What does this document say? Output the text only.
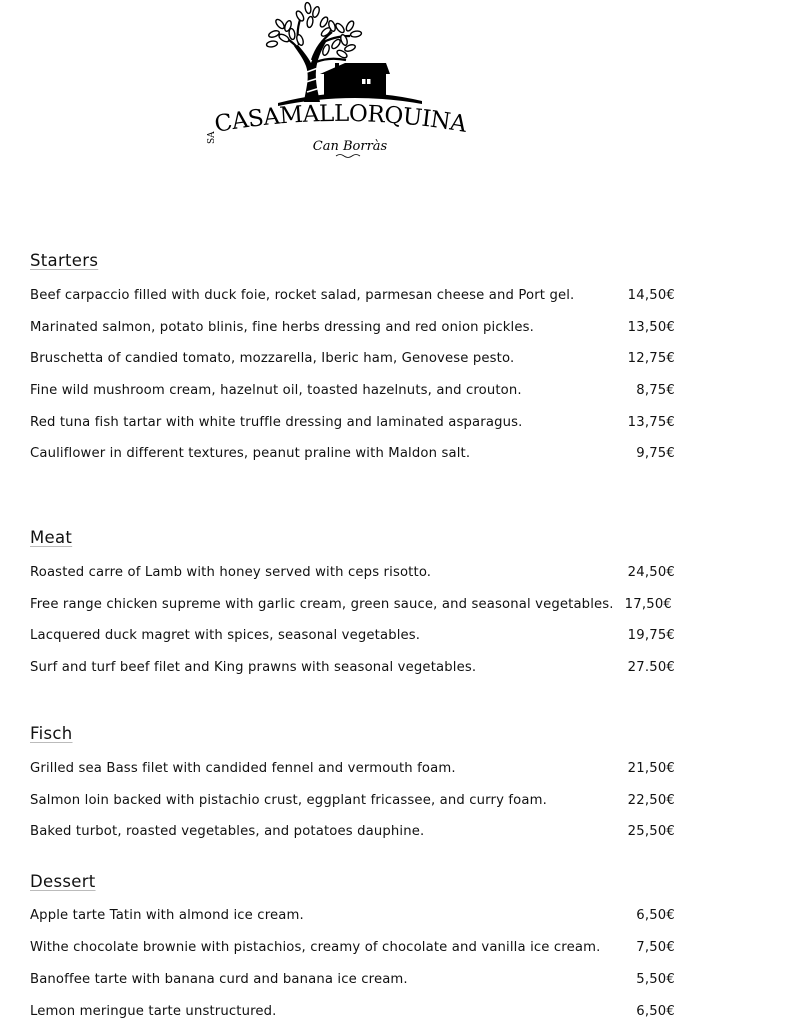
SA
CASAMALLORQUINA
Can Borràs
Starters
Beef carpaccio filled with duck foie, rocket salad, parmesan cheese and Port gel.	14,50€
Marinated salmon, potato blinis, fine herbs dressing and red onion pickles.	13,50€
Bruschetta of candied tomato, mozzarella, Iberic ham, Genovese pesto.	12,75€
Fine wild mushroom cream, hazelnut oil, toasted hazelnuts, and crouton.	8,75€
Red tuna fish tartar with white truffle dressing and laminated asparagus.	13,75€
Cauliflower in different textures, peanut praline with Maldon salt.	9,75€
Meat
Roasted carre of Lamb with honey served with ceps risotto.	24,50€
Free range chicken supreme with garlic cream, green sauce, and seasonal vegetables. 17,50€
Lacquered duck magret with spices, seasonal vegetables.	19,75€
Surf and turf beef filet and King prawns with seasonal vegetables.	27.50€
Fisch
Grilled sea Bass filet with candided fennel and vermouth foam.	21,50€
Salmon loin backed with pistachio crust, eggplant fricassee, and curry foam.	22,50€
Baked turbot, roasted vegetables, and potatoes dauphine.	25,50€
Dessert
Apple tarte Tatin with almond ice cream.	6,50€
Withe chocolate brownie with pistachios, creamy of chocolate and vanilla ice cream.	7,50€
Banoffee tarte with banana curd and banana ice cream.	5,50€
Lemon meringue tarte unstructured.	6,50€
